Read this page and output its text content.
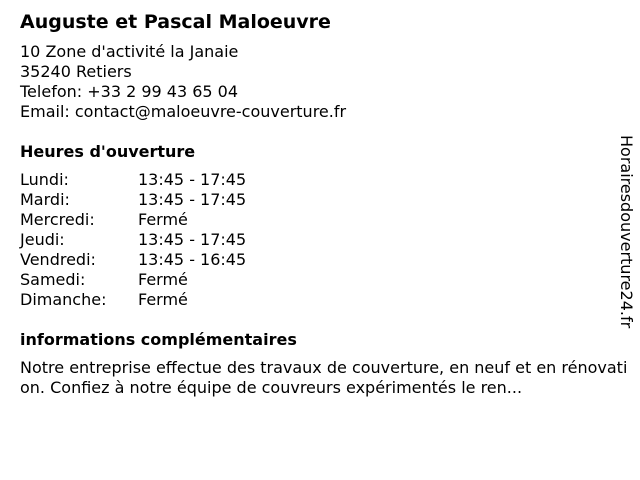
Auguste et Pascal Maloeuvre
10 Zone d'activité la Janaie
35240 Retiers
Telefon: +33 2 99 43 65 04
Email: contact@maloeuvre-couverture.fr
Heures d'ouverture
Lundi:	13:45 - 17:45
Mardi:	13:45 - 17:45
Mercredi:	Fermé
Jeudi:	13:45 - 17:45
Vendredi:	13:45 - 16:45
Samedi:	Fermé
Dimanche:	Fermé
informations complémentaires
Notre entreprise effectue des travaux de couverture, en neuf et en rénovation. Confiez à notre équipe de couvreurs expérimentés le ren...
Horairesdouverture24.fr
